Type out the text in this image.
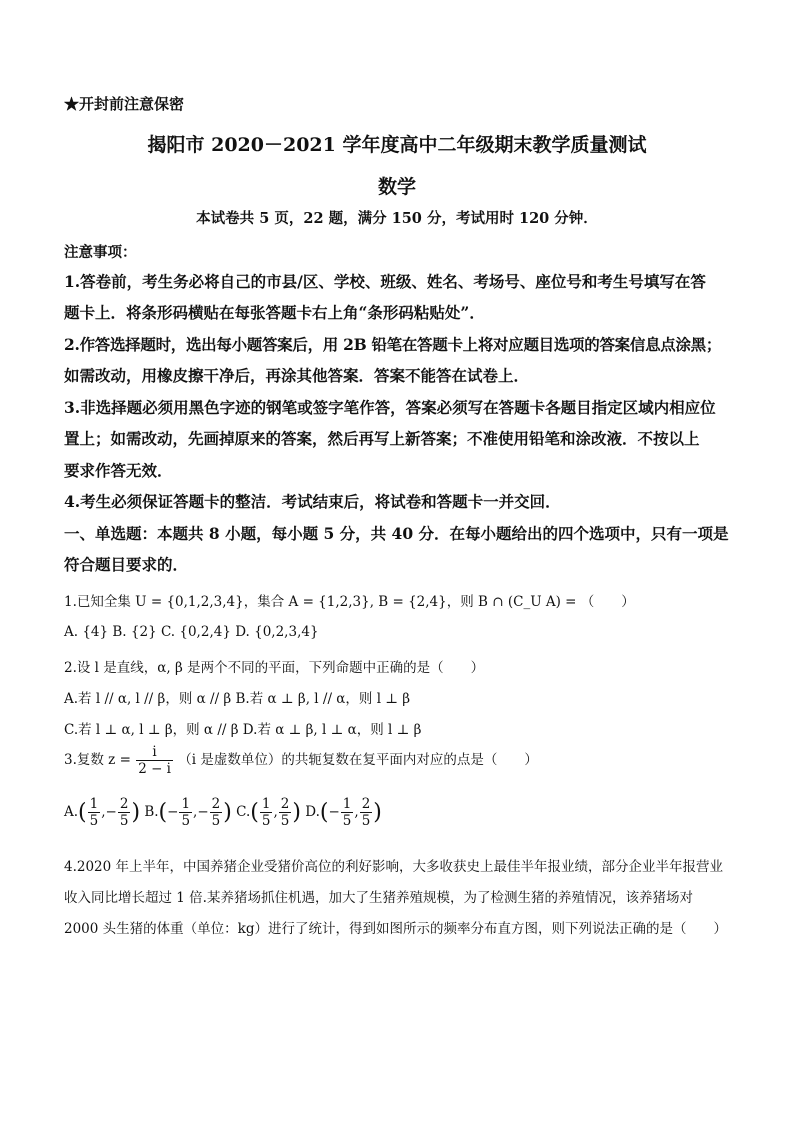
★开封前注意保密
揭阳市 2020－2021 学年度高中二年级期末教学质量测试
数学
本试卷共 5 页，22 题，满分 150 分，考试用时 120 分钟．
注意事项：
1.答卷前，考生务必将自己的市县/区、学校、班级、姓名、考场号、座位号和考生号填写在答
题卡上．将条形码横贴在每张答题卡右上角“条形码粘贴处”．
2.作答选择题时，选出每小题答案后，用 2B 铅笔在答题卡上将对应题目选项的答案信息点涂黑；
如需改动，用橡皮擦干净后，再涂其他答案．答案不能答在试卷上．
3.非选择题必须用黑色字迹的钢笔或签字笔作答，答案必须写在答题卡各题目指定区域内相应位
置上；如需改动，先画掉原来的答案，然后再写上新答案；不准使用铅笔和涂改液．不按以上
要求作答无效．
4.考生必须保证答题卡的整洁．考试结束后，将试卷和答题卡一并交回．
一、单选题：本题共 8 小题，每小题 5 分，共 40 分．在每小题给出的四个选项中，只有一项是
符合题目要求的．
1.已知全集 U = {0,1,2,3,4}，集合 A = {1,2,3}, B = {2,4}，则 B ∩ (C_U A) = （　　）
A. {4} B. {2} C. {0,2,4} D. {0,2,3,4}
2.设 l 是直线，α, β 是两个不同的平面，下列命题中正确的是（　　）
A.若 l // α, l // β，则 α // β B.若 α ⊥ β, l // α，则 l ⊥ β
C.若 l ⊥ α, l ⊥ β，则 α // β D.若 α ⊥ β, l ⊥ α，则 l ⊥ β
3.复数 $z = \frac{i}{2 - i} (i$ 是虚数单位）的共轭复数在复平面内对应的点是（　　）
$A.( \frac{1}{5}$ ,− $\frac{2}{5}$ ) $B.(- \frac{1}{5}$ ,− $\frac{2}{5}$ ) $C.( \frac{1}{5}$ , $\frac{2}{5}$ ) $D.(- \frac{1}{5}$ , $\frac{2}{5}$ )
4.2020 年上半年，中国养猪企业受猪价高位的利好影响，大多收获史上最佳半年报业绩，部分企业半年报营业收入同比增长超过 1 倍.某养猪场抓住机遇，加大了生猪养殖规模，为了检测生猪的养殖情况，该养猪场对 2000 头生猪的体重（单位：kg）进行了统计，得到如图所示的频率分布直方图，则下列说法正确的是（　　）
